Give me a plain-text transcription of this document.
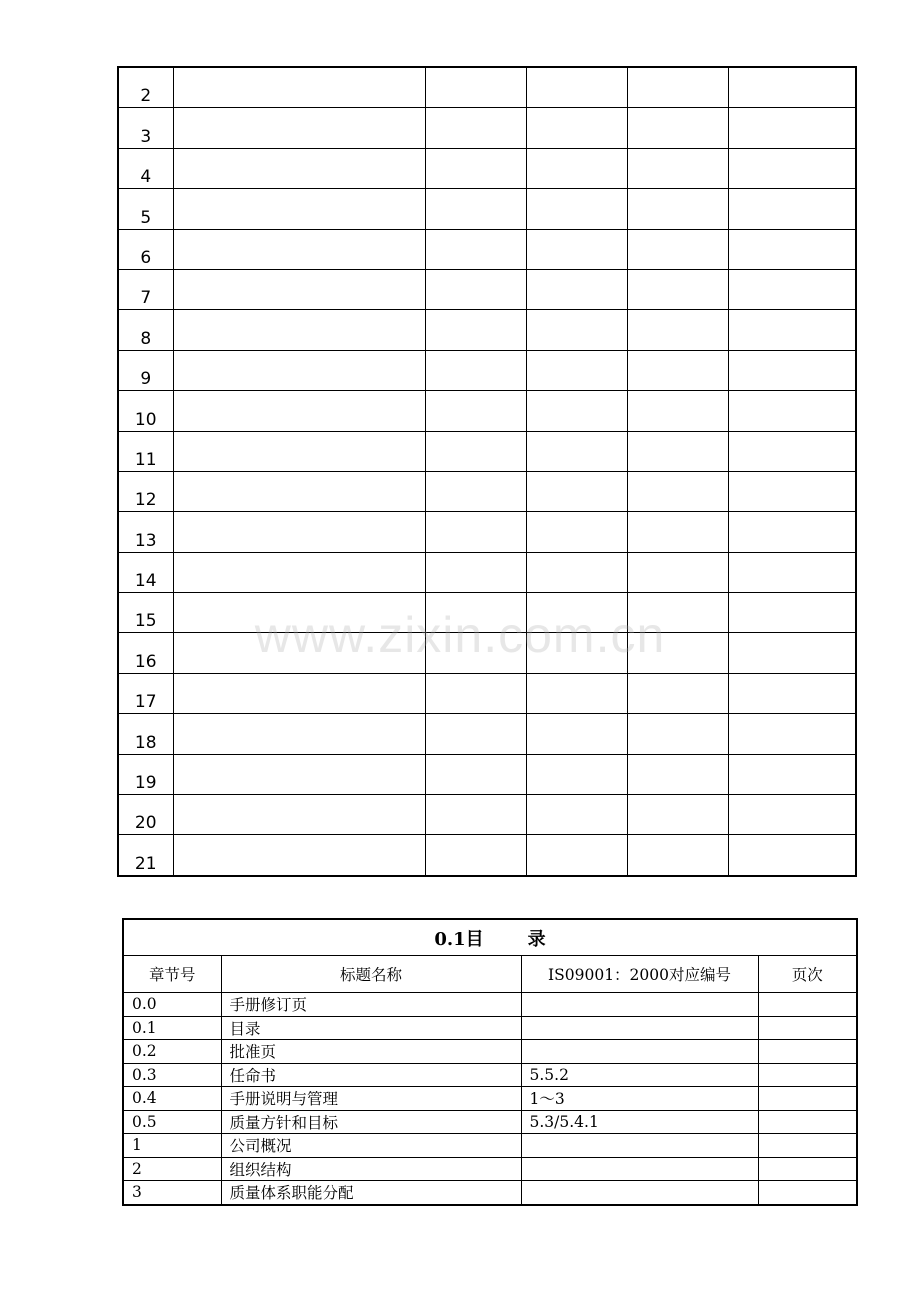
2					
3					
4					
5					
6					
7					
8					
9					
10					
11					
12					
13					
14					
15					
16					
17					
18					
19					
20					
21					
0.1目 录			
章节号	标题名称	IS09001：2000对应编号	页次
0.0	手册修订页		
0.1	目录		
0.2	批准页		
0.3	任命书	5.5.2	
0.4	手册说明与管理	1～3	
0.5	质量方针和目标	5.3/5.4.1	
1	公司概况		
2	组织结构		
3	质量体系职能分配		
www.zixin.com.cn
